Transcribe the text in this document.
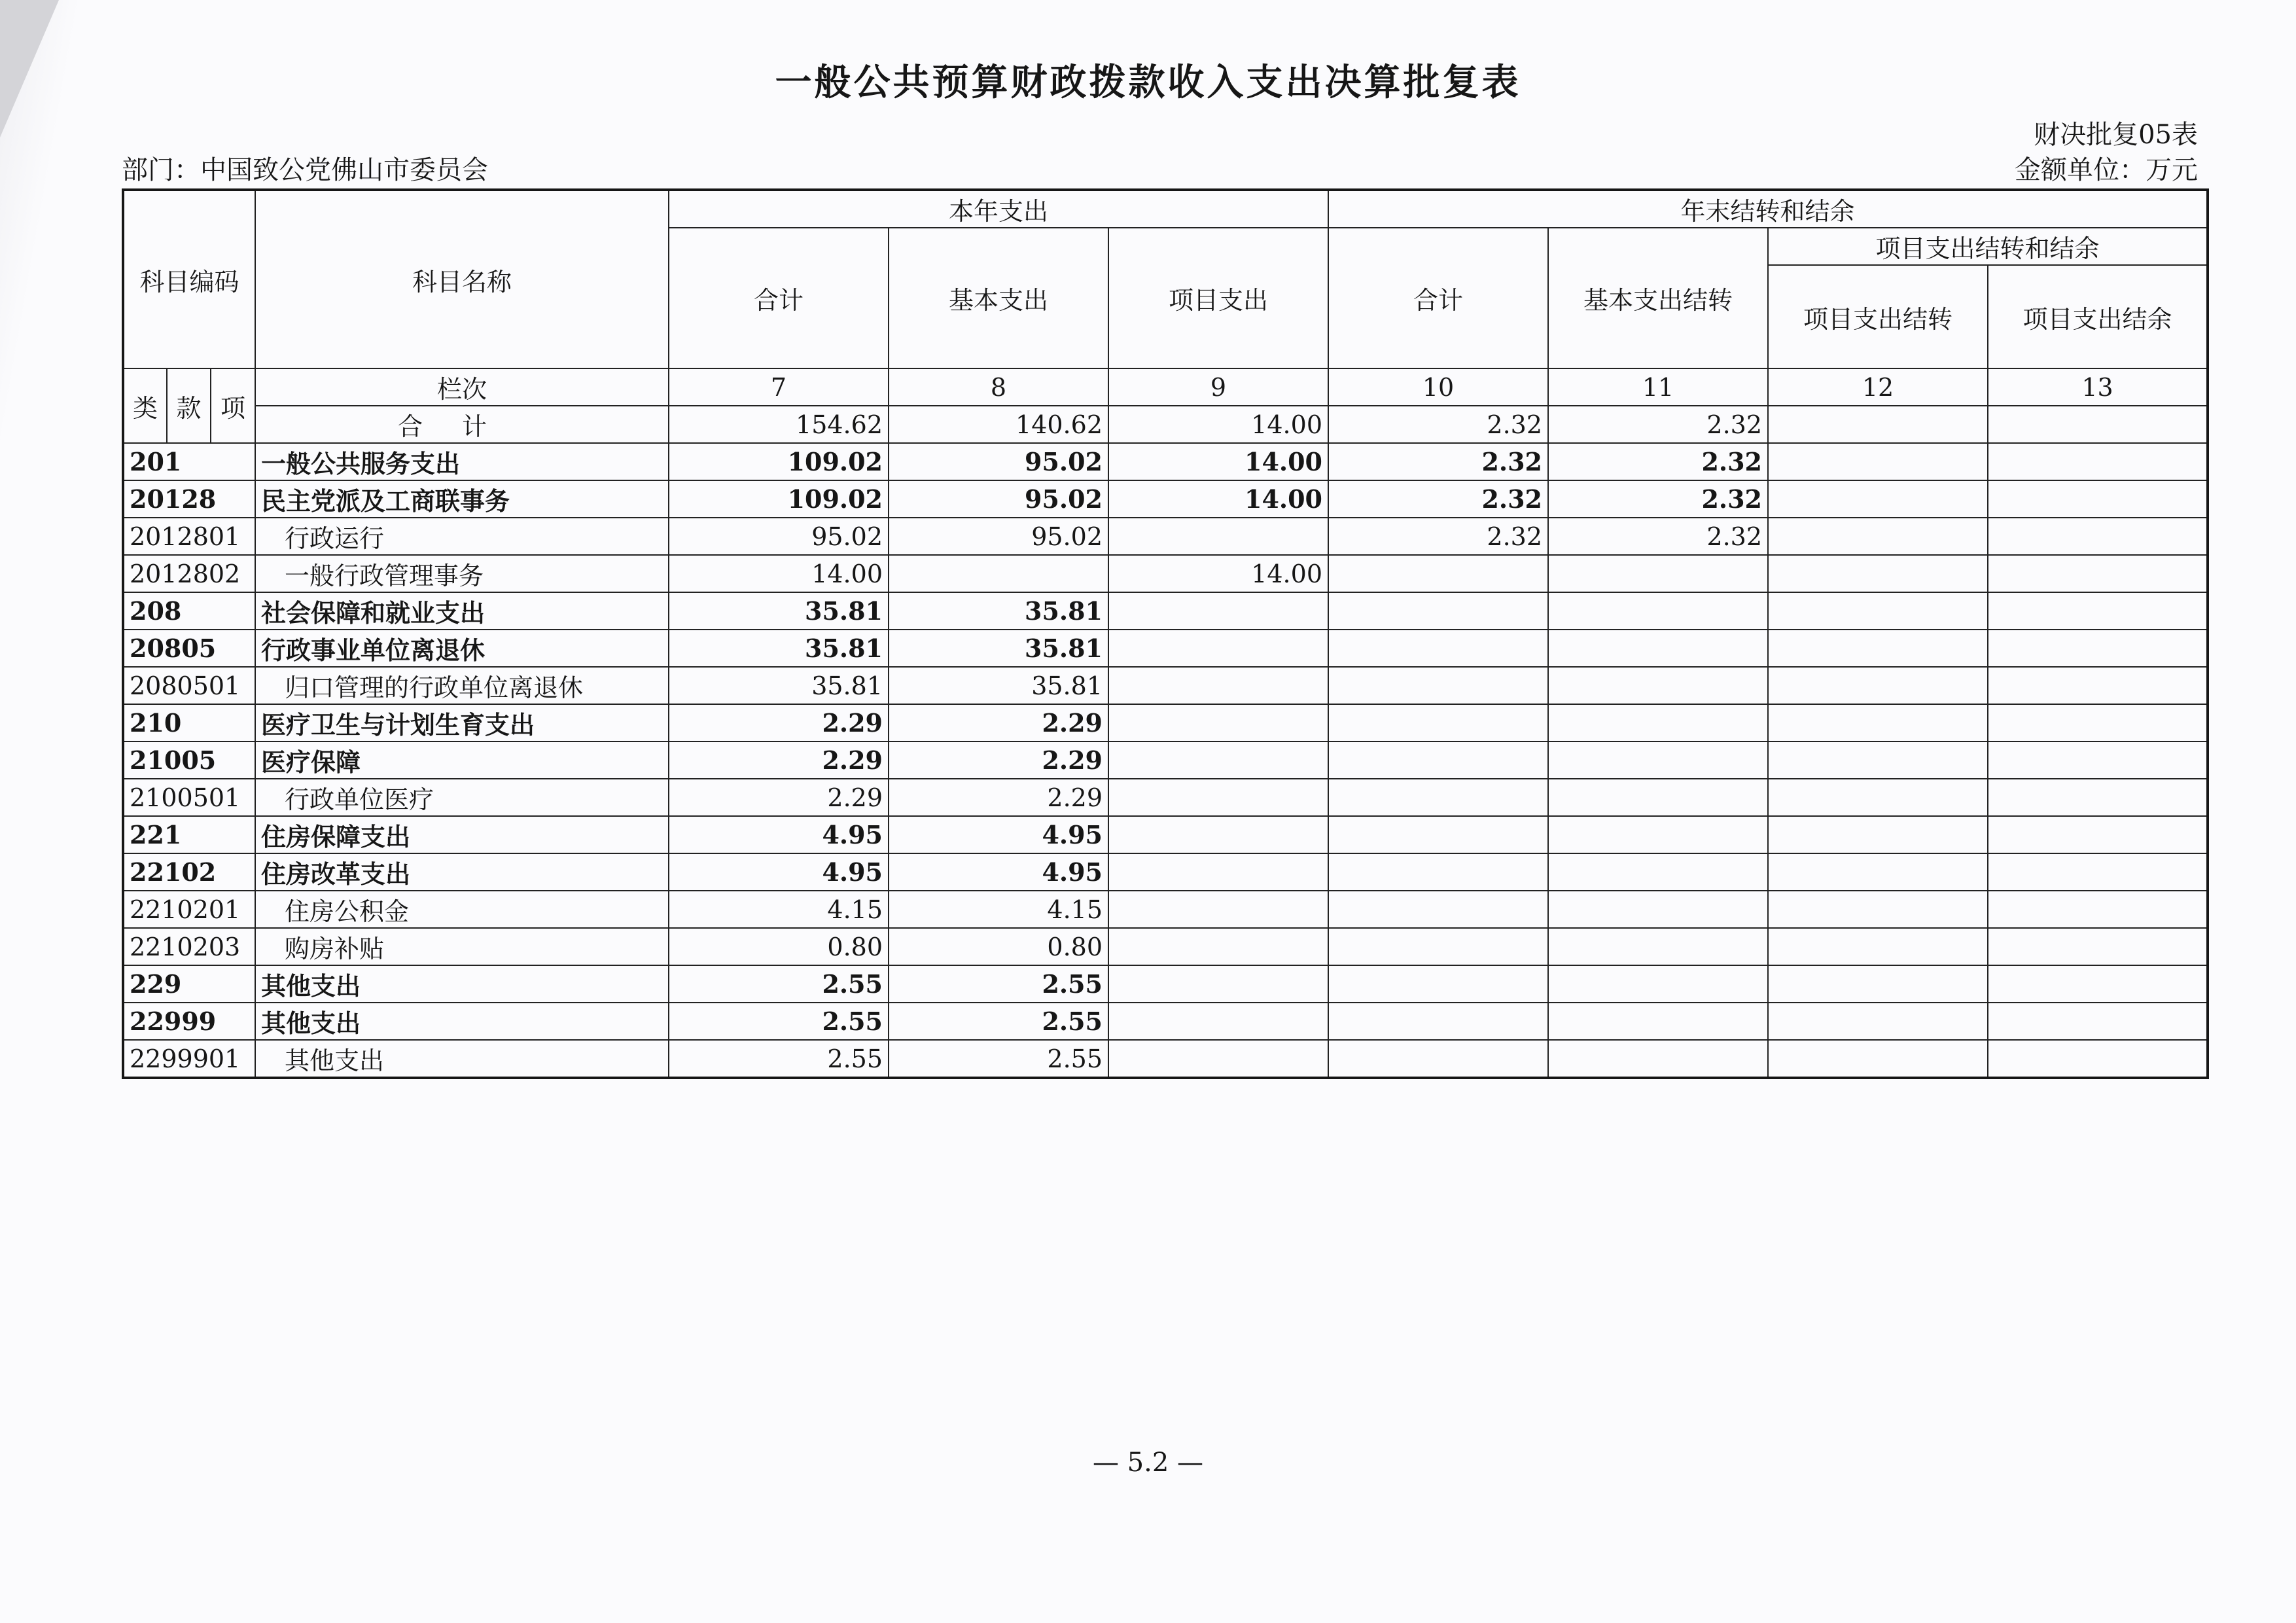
一般公共预算财政拨款收入支出决算批复表
财决批复05表
部门：中国致公党佛山市委员会	金额单位：万元
科目编码			科目名称	本年支出			年末结转和结余			
				合计	基本支出	项目支出	合计	基本支出结转	项目支出结转和结余	
									项目支出结转	项目支出结余
类	款	项	栏次	7	8	9	10	11	12	13
			合计	154.62	140.62	14.00	2.32	2.32		
201			一般公共服务支出	109.02	95.02	14.00	2.32	2.32		
20128			民主党派及工商联事务	109.02	95.02	14.00	2.32	2.32		
2012801			行政运行	95.02	95.02		2.32	2.32		
2012802			一般行政管理事务	14.00		14.00				
208			社会保障和就业支出	35.81	35.81					
20805			行政事业单位离退休	35.81	35.81					
2080501			归口管理的行政单位离退休	35.81	35.81					
210			医疗卫生与计划生育支出	2.29	2.29					
21005			医疗保障	2.29	2.29					
2100501			行政单位医疗	2.29	2.29					
221			住房保障支出	4.95	4.95					
22102			住房改革支出	4.95	4.95					
2210201			住房公积金	4.15	4.15					
2210203			购房补贴	0.80	0.80					
229			其他支出	2.55	2.55					
22999			其他支出	2.55	2.55					
2299901			其他支出	2.55	2.55					
— 5.2 —
